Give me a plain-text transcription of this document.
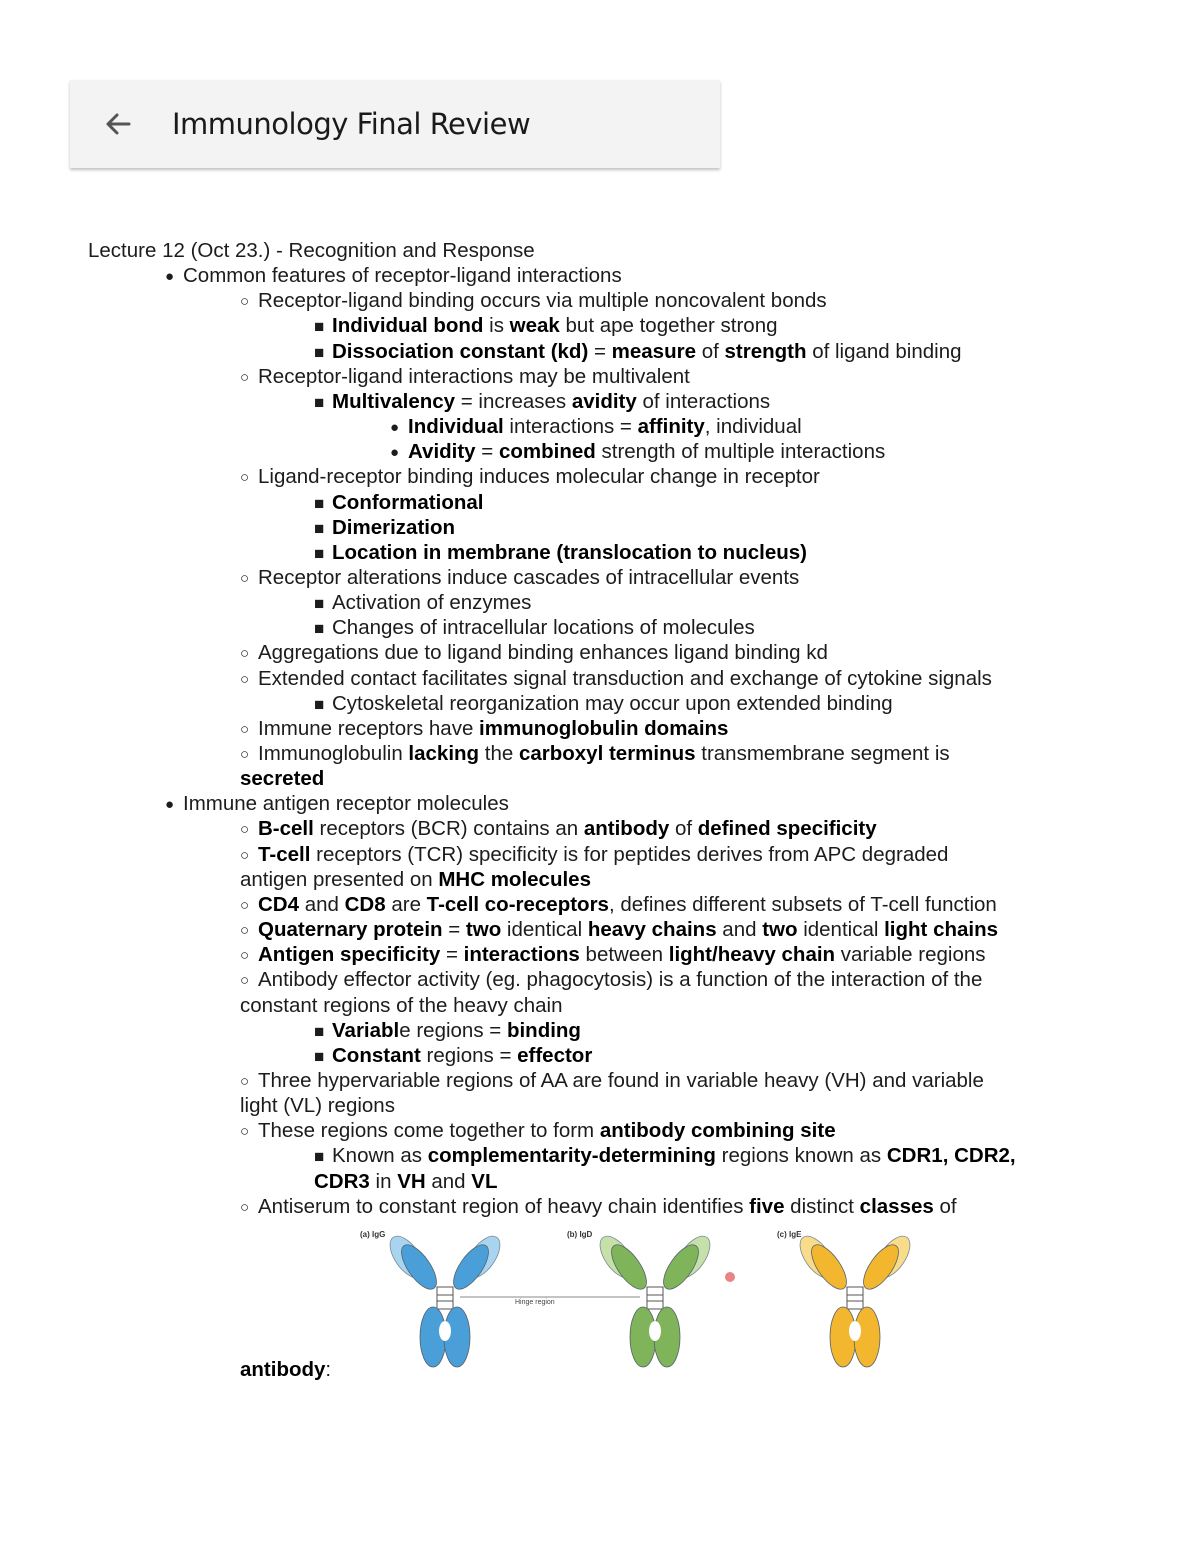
Immunology Final Review
Lecture 12 (Oct 23.) - Recognition and Response
● Common features of receptor-ligand interactions
○ Receptor-ligand binding occurs via multiple noncovalent bonds
■ Individual bond is weak but ape together strong
■ Dissociation constant (kd) = measure of strength of ligand binding
○ Receptor-ligand interactions may be multivalent
■ Multivalency = increases avidity of interactions
● Individual interactions = affinity, individual
● Avidity = combined strength of multiple interactions
○ Ligand-receptor binding induces molecular change in receptor
■ Conformational
■ Dimerization
■ Location in membrane (translocation to nucleus)
○ Receptor alterations induce cascades of intracellular events
■ Activation of enzymes
■ Changes of intracellular locations of molecules
○ Aggregations due to ligand binding enhances ligand binding kd
○ Extended contact facilitates signal transduction and exchange of cytokine signals
■ Cytoskeletal reorganization may occur upon extended binding
○ Immune receptors have immunoglobulin domains
○ Immunoglobulin lacking the carboxyl terminus transmembrane segment is
secreted
● Immune antigen receptor molecules
○ B-cell receptors (BCR) contains an antibody of defined specificity
○ T-cell receptors (TCR) specificity is for peptides derives from APC degraded
antigen presented on MHC molecules
○ CD4 and CD8 are T-cell co-receptors, defines different subsets of T-cell function
○ Quaternary protein = two identical heavy chains and two identical light chains
○ Antigen specificity = interactions between light/heavy chain variable regions
○ Antibody effector activity (eg. phagocytosis) is a function of the interaction of the
constant regions of the heavy chain
■ Variable regions = binding
■ Constant regions = effector
○ Three hypervariable regions of AA are found in variable heavy (VH) and variable
light (VL) regions
○ These regions come together to form antibody combining site
■ Known as complementarity-determining regions known as CDR1, CDR2,
CDR3 in VH and VL
○ Antiserum to constant region of heavy chain identifies five distinct classes of
antibody:
Hinge region
(a) IgG	(b) IgD	(c) IgE
